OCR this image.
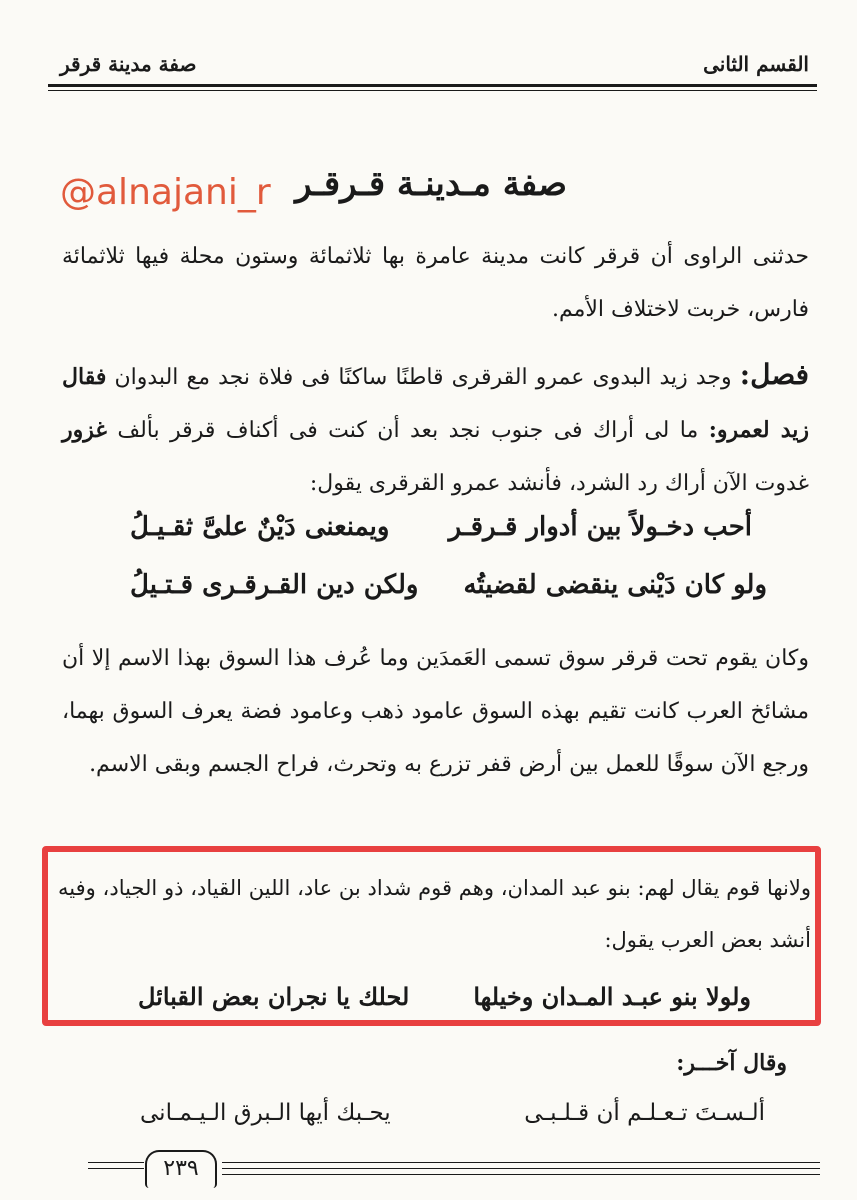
صفة مدينة قرقر	القسم الثانى
@alnajani_r صفة مـدينـة قـرقـر
حدثنى الراوى أن قرقر كانت مدينة عامرة بها ثلاثمائة وستون محلة فيها ثلاثمائة فارس، خربت لاختلاف الأمم.
فصل: وجد زيد البدوى عمرو القرقرى قاطنًا ساكنًا فى فلاة نجد مع البدوان فقال زيد لعمرو: ما لى أراك فى جنوب نجد بعد أن كنت فى أكناف قرقر بألف غزور غدوت الآن أراك رد الشرد، فأنشد عمرو القرقرى يقول:
أحب دخـولاً بين أدوار قـرقـر
ويمنعنى دَيْنٌ علىَّ ثقـيـلُ
ولو كان دَيْنى ينقضى لقضيتُه
ولكن دين القـرقـرى قـتـيلُ
وكان يقوم تحت قرقر سوق تسمى العَمدَين وما عُرف هذا السوق بهذا الاسم إلا أن مشائخ العرب كانت تقيم بهذه السوق عامود ذهب وعامود فضة يعرف السوق بهما، ورجع الآن سوقًا للعمل بين أرض قفر تزرع به وتحرث، فراح الجسم وبقى الاسم.
ولانها قوم يقال لهم: بنو عبد المدان، وهم قوم شداد بن عاد، اللين القياد، ذو الجياد، وفيه أنشد بعض العرب يقول:
ولولا بنو عبـد المـدان وخيلها
لحلك يا نجران بعض القبائل
وقال آخـــر:
ألـسـتَ تـعـلـم أن قـلـبـى
يحـبك أيها الـبرق الـيـمـانى
٢٣٩
